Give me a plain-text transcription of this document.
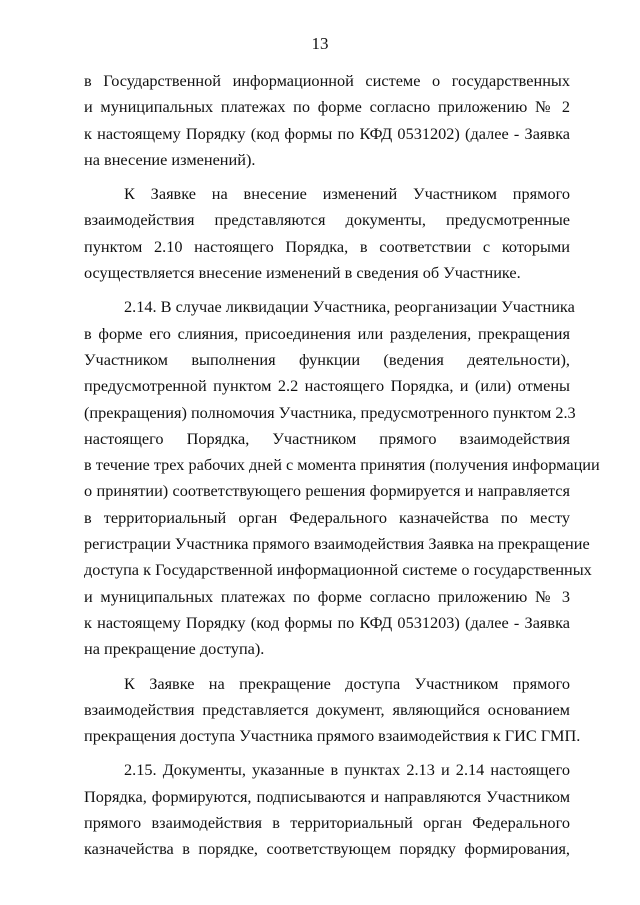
13
в Государственной информационной системе о государственных
и муниципальных платежах по форме согласно приложению № 2
к настоящему Порядку (код формы по КФД 0531202) (далее - Заявка
на внесение изменений).
К Заявке на внесение изменений Участником прямого
взаимодействия представляются документы, предусмотренные
пунктом 2.10 настоящего Порядка, в соответствии с которыми
осуществляется внесение изменений в сведения об Участнике.
2.14. В случае ликвидации Участника, реорганизации Участника
в форме его слияния, присоединения или разделения, прекращения
Участником выполнения функции (ведения деятельности),
предусмотренной пунктом 2.2 настоящего Порядка, и (или) отмены
(прекращения) полномочия Участника, предусмотренного пунктом 2.3
настоящего Порядка, Участником прямого взаимодействия
в течение трех рабочих дней с момента принятия (получения информации
о принятии) соответствующего решения формируется и направляется
в территориальный орган Федерального казначейства по месту
регистрации Участника прямого взаимодействия Заявка на прекращение
доступа к Государственной информационной системе о государственных
и муниципальных платежах по форме согласно приложению № 3
к настоящему Порядку (код формы по КФД 0531203) (далее - Заявка
на прекращение доступа).
К Заявке на прекращение доступа Участником прямого
взаимодействия представляется документ, являющийся основанием
прекращения доступа Участника прямого взаимодействия к ГИС ГМП.
2.15. Документы, указанные в пунктах 2.13 и 2.14 настоящего
Порядка, формируются, подписываются и направляются Участником
прямого взаимодействия в территориальный орган Федерального
казначейства в порядке, соответствующем порядку формирования,
